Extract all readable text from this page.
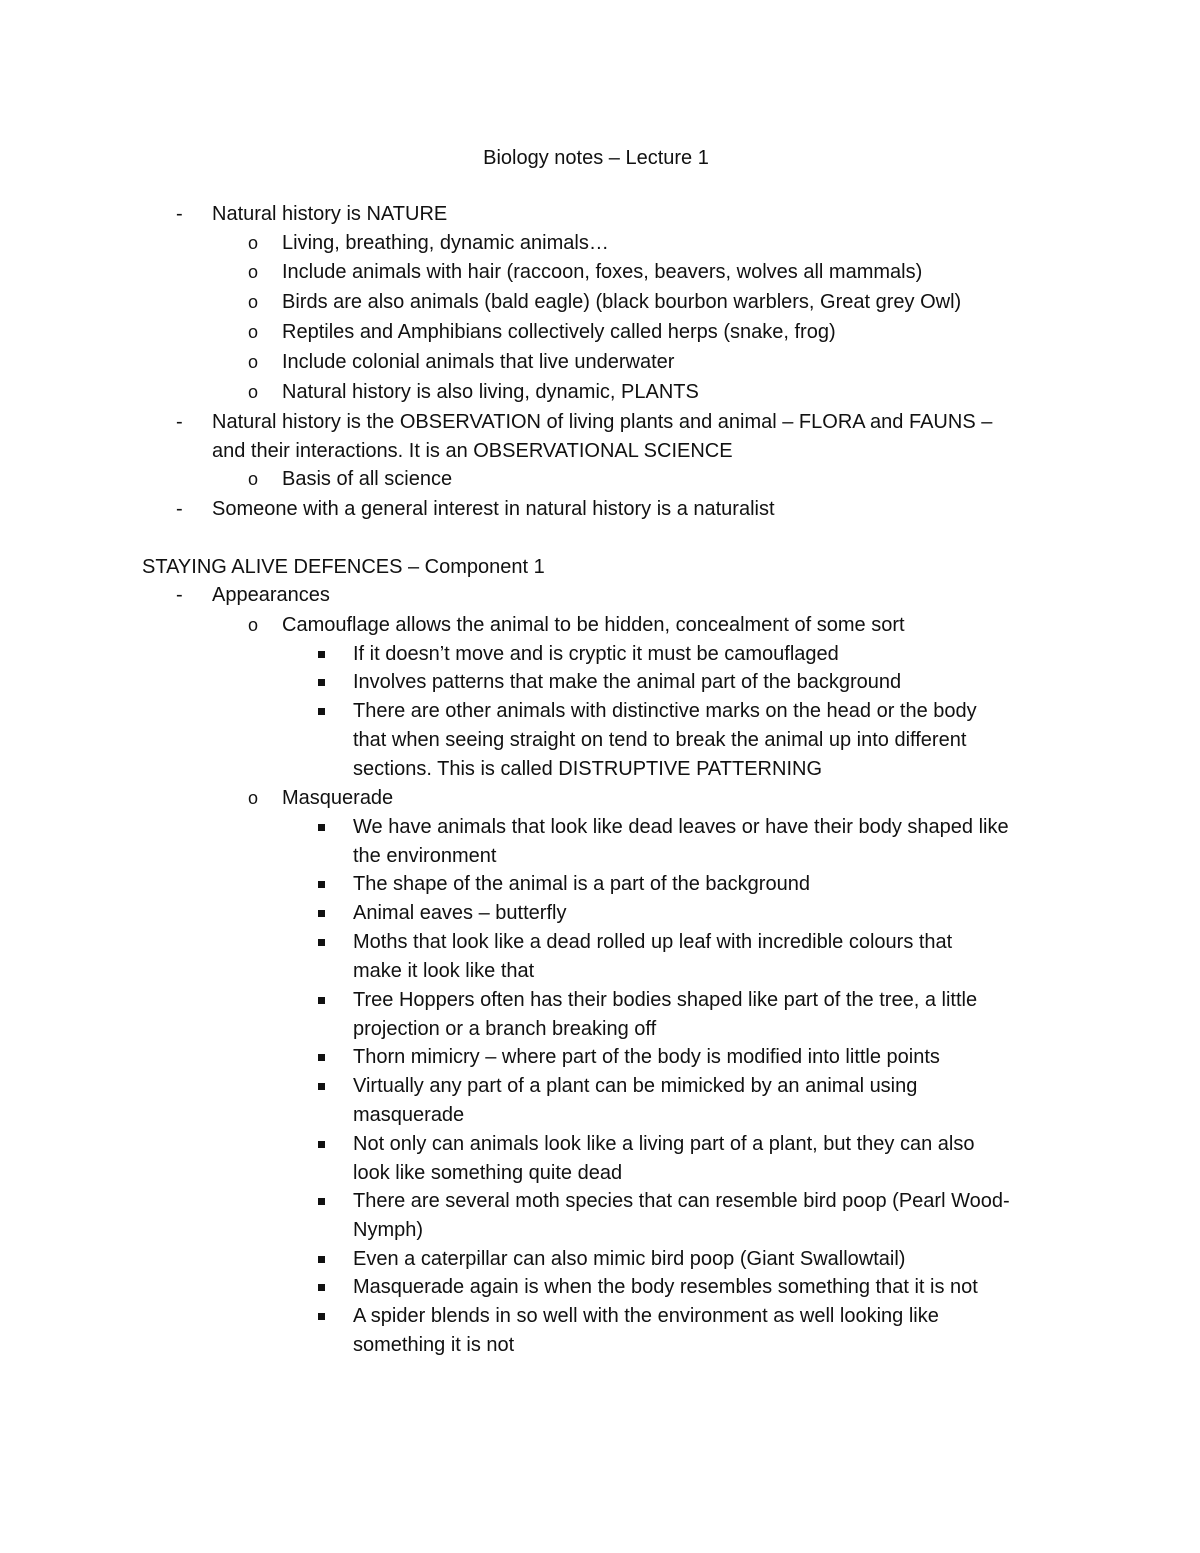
Biology notes – Lecture 1
- Natural history is NATURE
o Living, breathing, dynamic animals…
o Include animals with hair (raccoon, foxes, beavers, wolves all mammals)
o Birds are also animals (bald eagle) (black bourbon warblers, Great grey Owl)
o Reptiles and Amphibians collectively called herps (snake, frog)
o Include colonial animals that live underwater
o Natural history is also living, dynamic, PLANTS
- Natural history is the OBSERVATION of living plants and animal – FLORA and FAUNS –
and their interactions. It is an OBSERVATIONAL SCIENCE
o Basis of all science
- Someone with a general interest in natural history is a naturalist
STAYING ALIVE DEFENCES – Component 1
- Appearances
o Camouflage allows the animal to be hidden, concealment of some sort
If it doesn’t move and is cryptic it must be camouflaged
Involves patterns that make the animal part of the background
There are other animals with distinctive marks on the head or the body
that when seeing straight on tend to break the animal up into different
sections. This is called DISTRUPTIVE PATTERNING
o Masquerade
We have animals that look like dead leaves or have their body shaped like
the environment
The shape of the animal is a part of the background
Animal eaves – butterfly
Moths that look like a dead rolled up leaf with incredible colours that
make it look like that
Tree Hoppers often has their bodies shaped like part of the tree, a little
projection or a branch breaking off
Thorn mimicry – where part of the body is modified into little points
Virtually any part of a plant can be mimicked by an animal using
masquerade
Not only can animals look like a living part of a plant, but they can also
look like something quite dead
There are several moth species that can resemble bird poop (Pearl Wood-
Nymph)
Even a caterpillar can also mimic bird poop (Giant Swallowtail)
Masquerade again is when the body resembles something that it is not
A spider blends in so well with the environment as well looking like
something it is not
